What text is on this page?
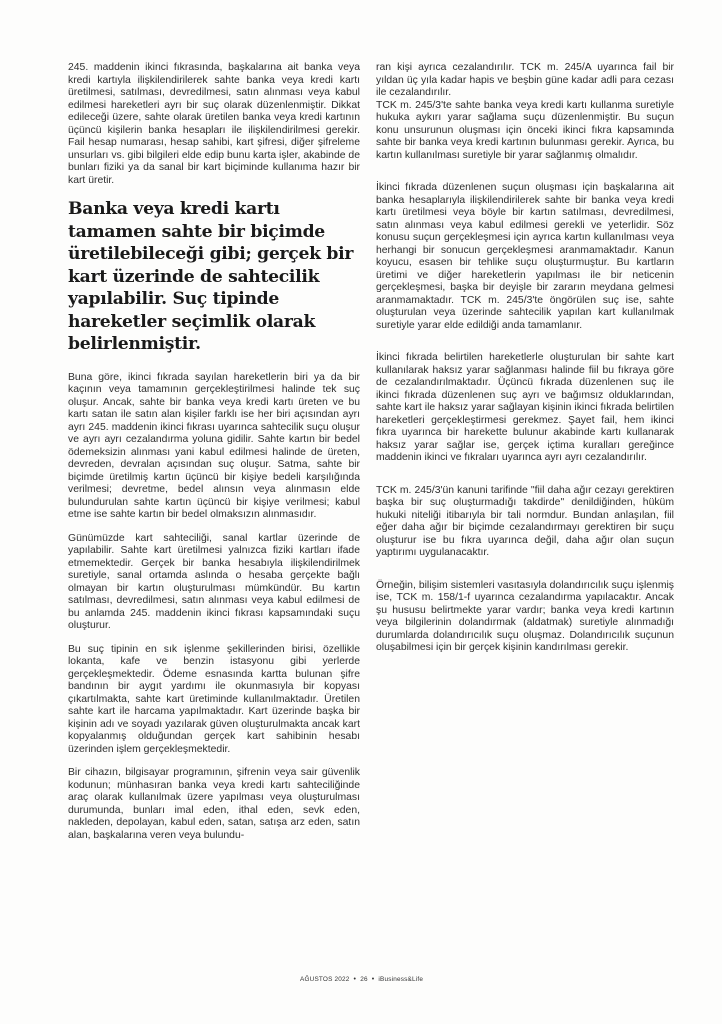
245. maddenin ikinci fıkrasında, başkalarına ait banka veya kredi kartıyla ilişkilendirilerek sahte banka veya kredi kartı üretilmesi, satılması, devredilmesi, satın alınması veya kabul edilmesi hareketleri ayrı bir suç olarak düzenlenmiştir. Dikkat edileceği üzere, sahte olarak üretilen banka veya kredi kartının üçüncü kişilerin banka hesapları ile ilişkilendirilmesi gerekir. Fail hesap numarası, hesap sahibi, kart şifresi, diğer şifreleme unsurları vs. gibi bilgileri elde edip bunu karta işler, akabinde de bunları fiziki ya da sanal bir kart biçiminde kullanıma hazır bir kart üretir.

Banka veya kredi kartı tamamen sahte bir biçimde üretilebileceği gibi; gerçek bir kart üzerinde de sahtecilik yapılabilir. Suç tipinde hareketler seçimlik olarak belirlenmiştir.

Buna göre, ikinci fıkrada sayılan hareketlerin biri ya da bir kaçının veya tamamının gerçekleştirilmesi halinde tek suç oluşur. Ancak, sahte bir banka veya kredi kartı üreten ve bu kartı satan ile satın alan kişiler farklı ise her biri açısından ayrı ayrı 245. maddenin ikinci fıkrası uyarınca sahtecilik suçu oluşur ve ayrı ayrı cezalandırma yoluna gidilir. Sahte kartın bir bedel ödemeksizin alınması yani kabul edilmesi halinde de üreten, devreden, devralan açısından suç oluşur. Satma, sahte bir biçimde üretilmiş kartın üçüncü bir kişiye bedeli karşılığında verilmesi; devretme, bedel alınsın veya alınmasın elde bulundurulan sahte kartın üçüncü bir kişiye verilmesi; kabul etme ise sahte kartın bir bedel olmaksızın alınmasıdır.

Günümüzde kart sahteciliği, sanal kartlar üzerinde de yapılabilir. Sahte kart üretilmesi yalnızca fiziki kartları ifade etmemektedir. Gerçek bir banka hesabıyla ilişkilendirilmek suretiyle, sanal ortamda aslında o hesaba gerçekte bağlı olmayan bir kartın oluşturulması mümkündür. Bu kartın satılması, devredilmesi, satın alınması veya kabul edilmesi de bu anlamda 245. maddenin ikinci fıkrası kapsamındaki suçu oluşturur.

Bu suç tipinin en sık işlenme şekillerinden birisi, özellikle lokanta, kafe ve benzin istasyonu gibi yerlerde gerçekleşmektedir. Ödeme esnasında kartta bulunan şifre bandının bir aygıt yardımı ile okunmasıyla bir kopyası çıkartılmakta, sahte kart üretiminde kullanılmaktadır. Üretilen sahte kart ile harcama yapılmaktadır. Kart üzerinde başka bir kişinin adı ve soyadı yazılarak güven oluşturulmakta ancak kart kopyalanmış olduğundan gerçek kart sahibinin hesabı üzerinden işlem gerçekleşmektedir.

Bir cihazın, bilgisayar programının, şifrenin veya sair güvenlik kodunun; münhasıran banka veya kredi kartı sahteciliğinde araç olarak kullanılmak üzere yapılması veya oluşturulması durumunda, bunları imal eden, ithal eden, sevk eden, nakleden, depolayan, kabul eden, satan, satışa arz eden, satın alan, başkalarına veren veya bulundu-

ran kişi ayrıca cezalandırılır. TCK m. 245/A uyarınca fail bir yıldan üç yıla kadar hapis ve beşbin güne kadar adli para cezası ile cezalandırılır.

TCK m. 245/3'te sahte banka veya kredi kartı kullanma suretiyle hukuka aykırı yarar sağlama suçu düzenlenmiştir. Bu suçun konu unsurunun oluşması için önceki ikinci fıkra kapsamında sahte bir banka veya kredi kartının bulunması gerekir. Ayrıca, bu kartın kullanılması suretiyle bir yarar sağlanmış olmalıdır.

İkinci fıkrada düzenlenen suçun oluşması için başkalarına ait banka hesaplarıyla ilişkilendirilerek sahte bir banka veya kredi kartı üretilmesi veya böyle bir kartın satılması, devredilmesi, satın alınması veya kabul edilmesi gerekli ve yeterlidir. Söz konusu suçun gerçekleşmesi için ayrıca kartın kullanılması veya herhangi bir sonucun gerçekleşmesi aranmamaktadır. Kanun koyucu, esasen bir tehlike suçu oluşturmuştur. Bu kartların üretimi ve diğer hareketlerin yapılması ile bir neticenin gerçekleşmesi, başka bir deyişle bir zararın meydana gelmesi aranmamaktadır. TCK m. 245/3'te öngörülen suç ise, sahte oluşturulan veya üzerinde sahtecilik yapılan kart kullanılmak suretiyle yarar elde edildiği anda tamamlanır.

İkinci fıkrada belirtilen hareketlerle oluşturulan bir sahte kart kullanılarak haksız yarar sağlanması halinde fiil bu fıkraya göre de cezalandırılmaktadır. Üçüncü fıkrada düzenlenen suç ile ikinci fıkrada düzenlenen suç ayrı ve bağımsız olduklarından, sahte kart ile haksız yarar sağlayan kişinin ikinci fıkrada belirtilen hareketleri gerçekleştirmesi gerekmez. Şayet fail, hem ikinci fıkra uyarınca bir harekette bulunur akabinde kartı kullanarak haksız yarar sağlar ise, gerçek içtima kuralları gereğince maddenin ikinci ve fıkraları uyarınca ayrı ayrı cezalandırılır.

TCK m. 245/3'ün kanuni tarifinde "fiil daha ağır cezayı gerektiren başka bir suç oluşturmadığı takdirde" denildiğinden, hüküm hukuki niteliği itibarıyla bir tali normdur. Bundan anlaşılan, fiil eğer daha ağır bir biçimde cezalandırmayı gerektiren bir suçu oluşturur ise bu fıkra uyarınca değil, daha ağır olan suçun yaptırımı uygulanacaktır.

Örneğin, bilişim sistemleri vasıtasıyla dolandırıcılık suçu işlenmiş ise, TCK m. 158/1-f uyarınca cezalandırma yapılacaktır. Ancak şu hususu belirtmekte yarar vardır; banka veya kredi kartının veya bilgilerinin dolandırmak (aldatmak) suretiyle alınmadığı durumlarda dolandırıcılık suçu oluşmaz. Dolandırıcılık suçunun oluşabilmesi için bir gerçek kişinin kandırılması gerekir.

AĞUSTOS 2022 • 26 • iBusiness&Life
